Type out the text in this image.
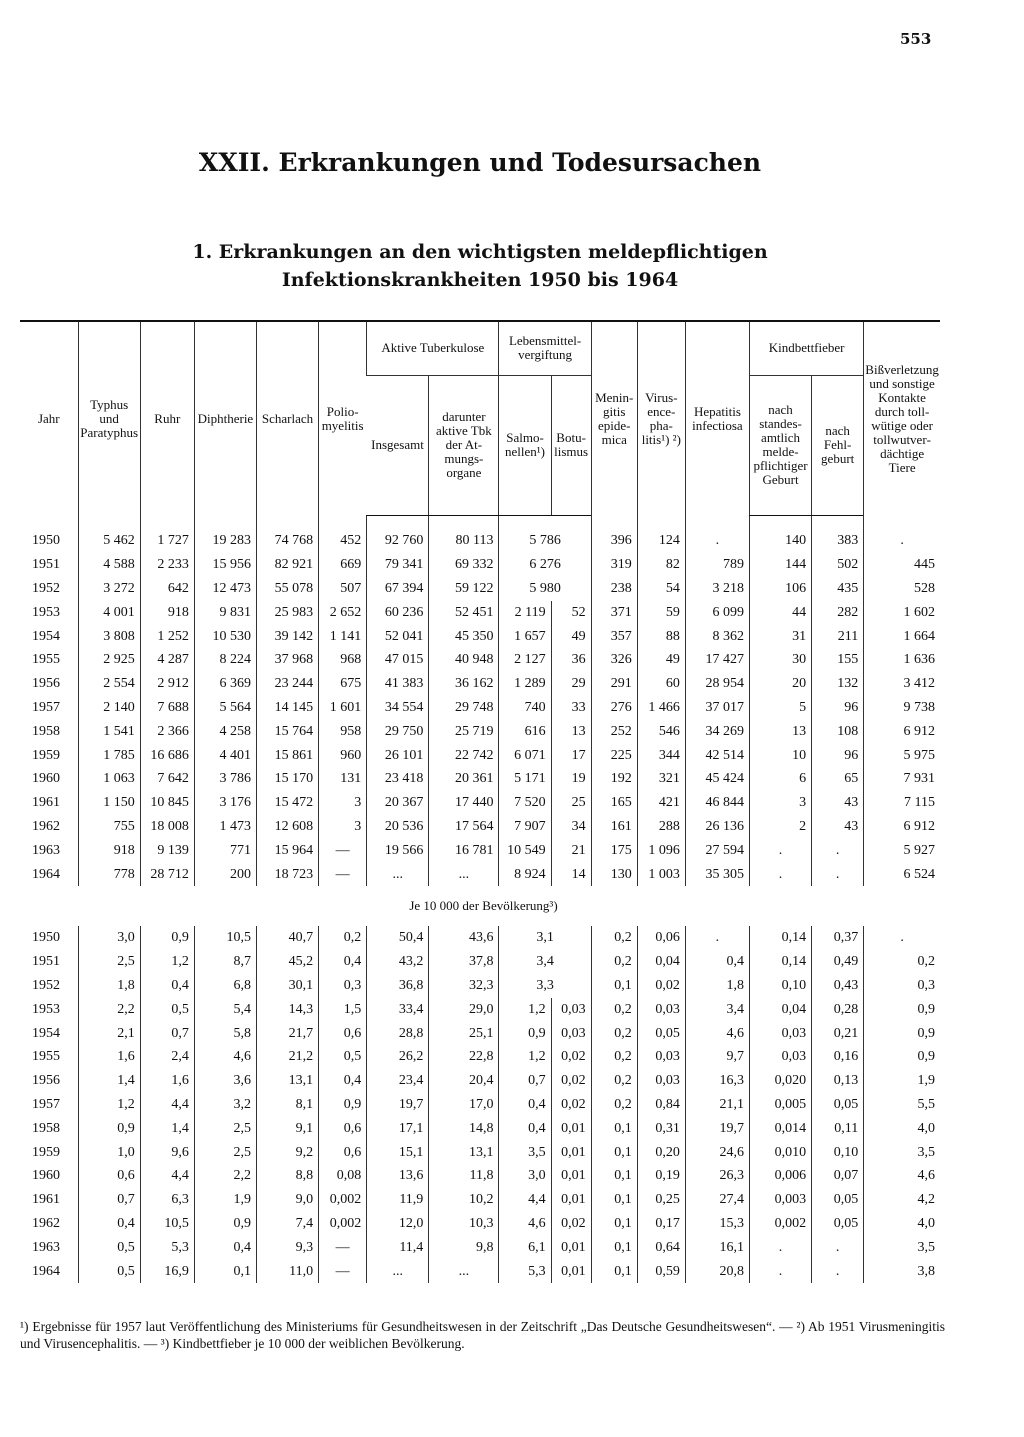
553
XXII. Erkrankungen und Todesursachen
1. Erkrankungen an den wichtigsten meldepflichtigen
Infektionskrankheiten 1950 bis 1964
Jahr	Typhus und Paratyphus	Ruhr	Diphtherie	Scharlach	Poliomyelitis	Aktive Tuberkulose		Lebensmittelvergiftung		Meningitis epidemica	Virusencephalitis¹) ²)	Hepatitis infectiosa	Kindbettfieber		Bißverletzung und sonstige Kontakte durch tollwütige oder tollwutverdächtige Tiere
						Insgesamt	darunter aktive Tbk der Atmungsorgane	Salmonellen¹)	Botulismus				nach standesamtlich meldepflichtiger Geburt	nach Fehlgeburt	

1950	5 462	1 727	19 283	74 768	452	92 760	80 113	5 786		396	124	.	140	383	.
1951	4 588	2 233	15 956	82 921	669	79 341	69 332	6 276		319	82	789	144	502	445
1952	3 272	642	12 473	55 078	507	67 394	59 122	5 980		238	54	3 218	106	435	528
1953	4 001	918	9 831	25 983	2 652	60 236	52 451	2 119	52	371	59	6 099	44	282	1 602
1954	3 808	1 252	10 530	39 142	1 141	52 041	45 350	1 657	49	357	88	8 362	31	211	1 664
1955	2 925	4 287	8 224	37 968	968	47 015	40 948	2 127	36	326	49	17 427	30	155	1 636
1956	2 554	2 912	6 369	23 244	675	41 383	36 162	1 289	29	291	60	28 954	20	132	3 412
1957	2 140	7 688	5 564	14 145	1 601	34 554	29 748	740	33	276	1 466	37 017	5	96	9 738
1958	1 541	2 366	4 258	15 764	958	29 750	25 719	616	13	252	546	34 269	13	108	6 912
1959	1 785	16 686	4 401	15 861	960	26 101	22 742	6 071	17	225	344	42 514	10	96	5 975
1960	1 063	7 642	3 786	15 170	131	23 418	20 361	5 171	19	192	321	45 424	6	65	7 931
1961	1 150	10 845	3 176	15 472	3	20 367	17 440	7 520	25	165	421	46 844	3	43	7 115
1962	755	18 008	1 473	12 608	3	20 536	17 564	7 907	34	161	288	26 136	2	43	6 912
1963	918	9 139	771	15 964	—	19 566	16 781	10 549	21	175	1 096	27 594	.	.	5 927
1964	778	28 712	200	18 723	—	...	...	8 924	14	130	1 003	35 305	.	.	6 524
Je 10 000 der Bevölkerung³)															
1950	3,0	0,9	10,5	40,7	0,2	50,4	43,6	3,1		0,2	0,06	.	0,14	0,37	.
1951	2,5	1,2	8,7	45,2	0,4	43,2	37,8	3,4		0,2	0,04	0,4	0,14	0,49	0,2
1952	1,8	0,4	6,8	30,1	0,3	36,8	32,3	3,3		0,1	0,02	1,8	0,10	0,43	0,3
1953	2,2	0,5	5,4	14,3	1,5	33,4	29,0	1,2	0,03	0,2	0,03	3,4	0,04	0,28	0,9
1954	2,1	0,7	5,8	21,7	0,6	28,8	25,1	0,9	0,03	0,2	0,05	4,6	0,03	0,21	0,9
1955	1,6	2,4	4,6	21,2	0,5	26,2	22,8	1,2	0,02	0,2	0,03	9,7	0,03	0,16	0,9
1956	1,4	1,6	3,6	13,1	0,4	23,4	20,4	0,7	0,02	0,2	0,03	16,3	0,020	0,13	1,9
1957	1,2	4,4	3,2	8,1	0,9	19,7	17,0	0,4	0,02	0,2	0,84	21,1	0,005	0,05	5,5
1958	0,9	1,4	2,5	9,1	0,6	17,1	14,8	0,4	0,01	0,1	0,31	19,7	0,014	0,11	4,0
1959	1,0	9,6	2,5	9,2	0,6	15,1	13,1	3,5	0,01	0,1	0,20	24,6	0,010	0,10	3,5
1960	0,6	4,4	2,2	8,8	0,08	13,6	11,8	3,0	0,01	0,1	0,19	26,3	0,006	0,07	4,6
1961	0,7	6,3	1,9	9,0	0,002	11,9	10,2	4,4	0,01	0,1	0,25	27,4	0,003	0,05	4,2
1962	0,4	10,5	0,9	7,4	0,002	12,0	10,3	4,6	0,02	0,1	0,17	15,3	0,002	0,05	4,0
1963	0,5	5,3	0,4	9,3	—	11,4	9,8	6,1	0,01	0,1	0,64	16,1	.	.	3,5
1964	0,5	16,9	0,1	11,0	—	...	...	5,3	0,01	0,1	0,59	20,8	.	.	3,8
¹) Ergebnisse für 1957 laut Veröffentlichung des Ministeriums für Gesundheitswesen in der Zeitschrift „Das Deutsche Gesundheitswesen“. — ²) Ab 1951 Virusmeningitis und Virusencephalitis. — ³) Kindbettfieber je 10 000 der weiblichen Bevölkerung.
